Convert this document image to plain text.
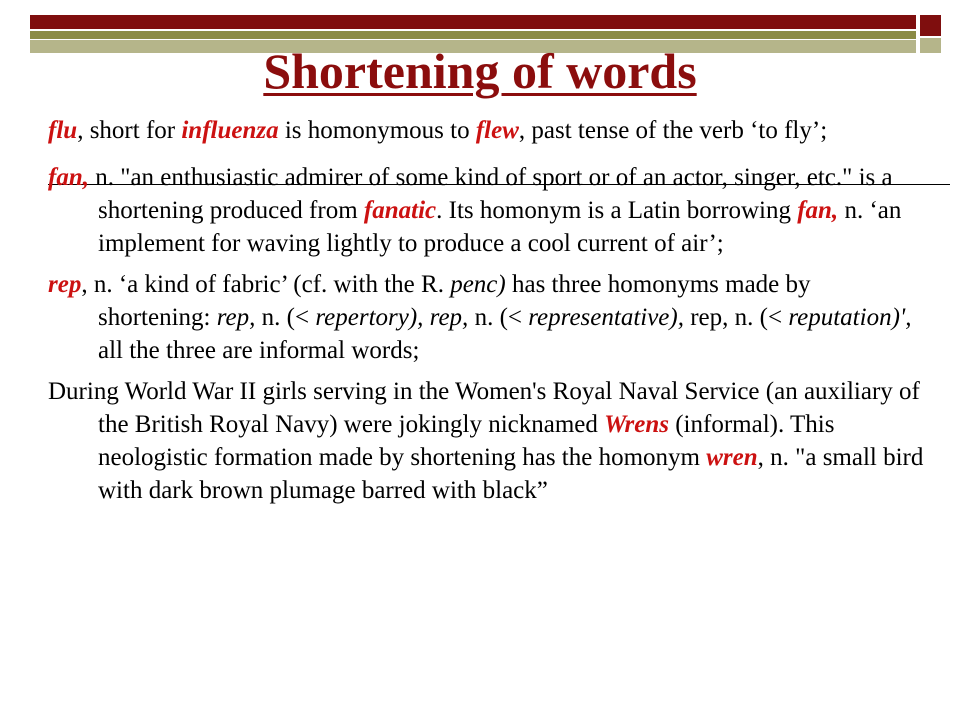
Shortening of words

flu, short for influenza is homonymous to flew, past tense of the verb ‘to fly’;

fan, n. "an enthusiastic admirer of some kind of sport or of an actor, singer, etc." is a shortening produced from fanatic. Its homonym is a Latin borrowing fan, n. ‘an implement for waving lightly to produce a cool current of air’;

rep, n. ‘a kind of fabric’ (cf. with the R. penc) has three homonyms made by shortening: rep, n. (< repertory), rep, n. (< representative), rep, n. (< reputation)', all the three are informal words;

During World War II girls serving in the Women's Royal Naval Service (an auxiliary of the British Royal Navy) were jokingly nicknamed Wrens (informal). This neologistic formation made by shortening has the homonym wren, n. "a small bird with dark brown plumage barred with black”
